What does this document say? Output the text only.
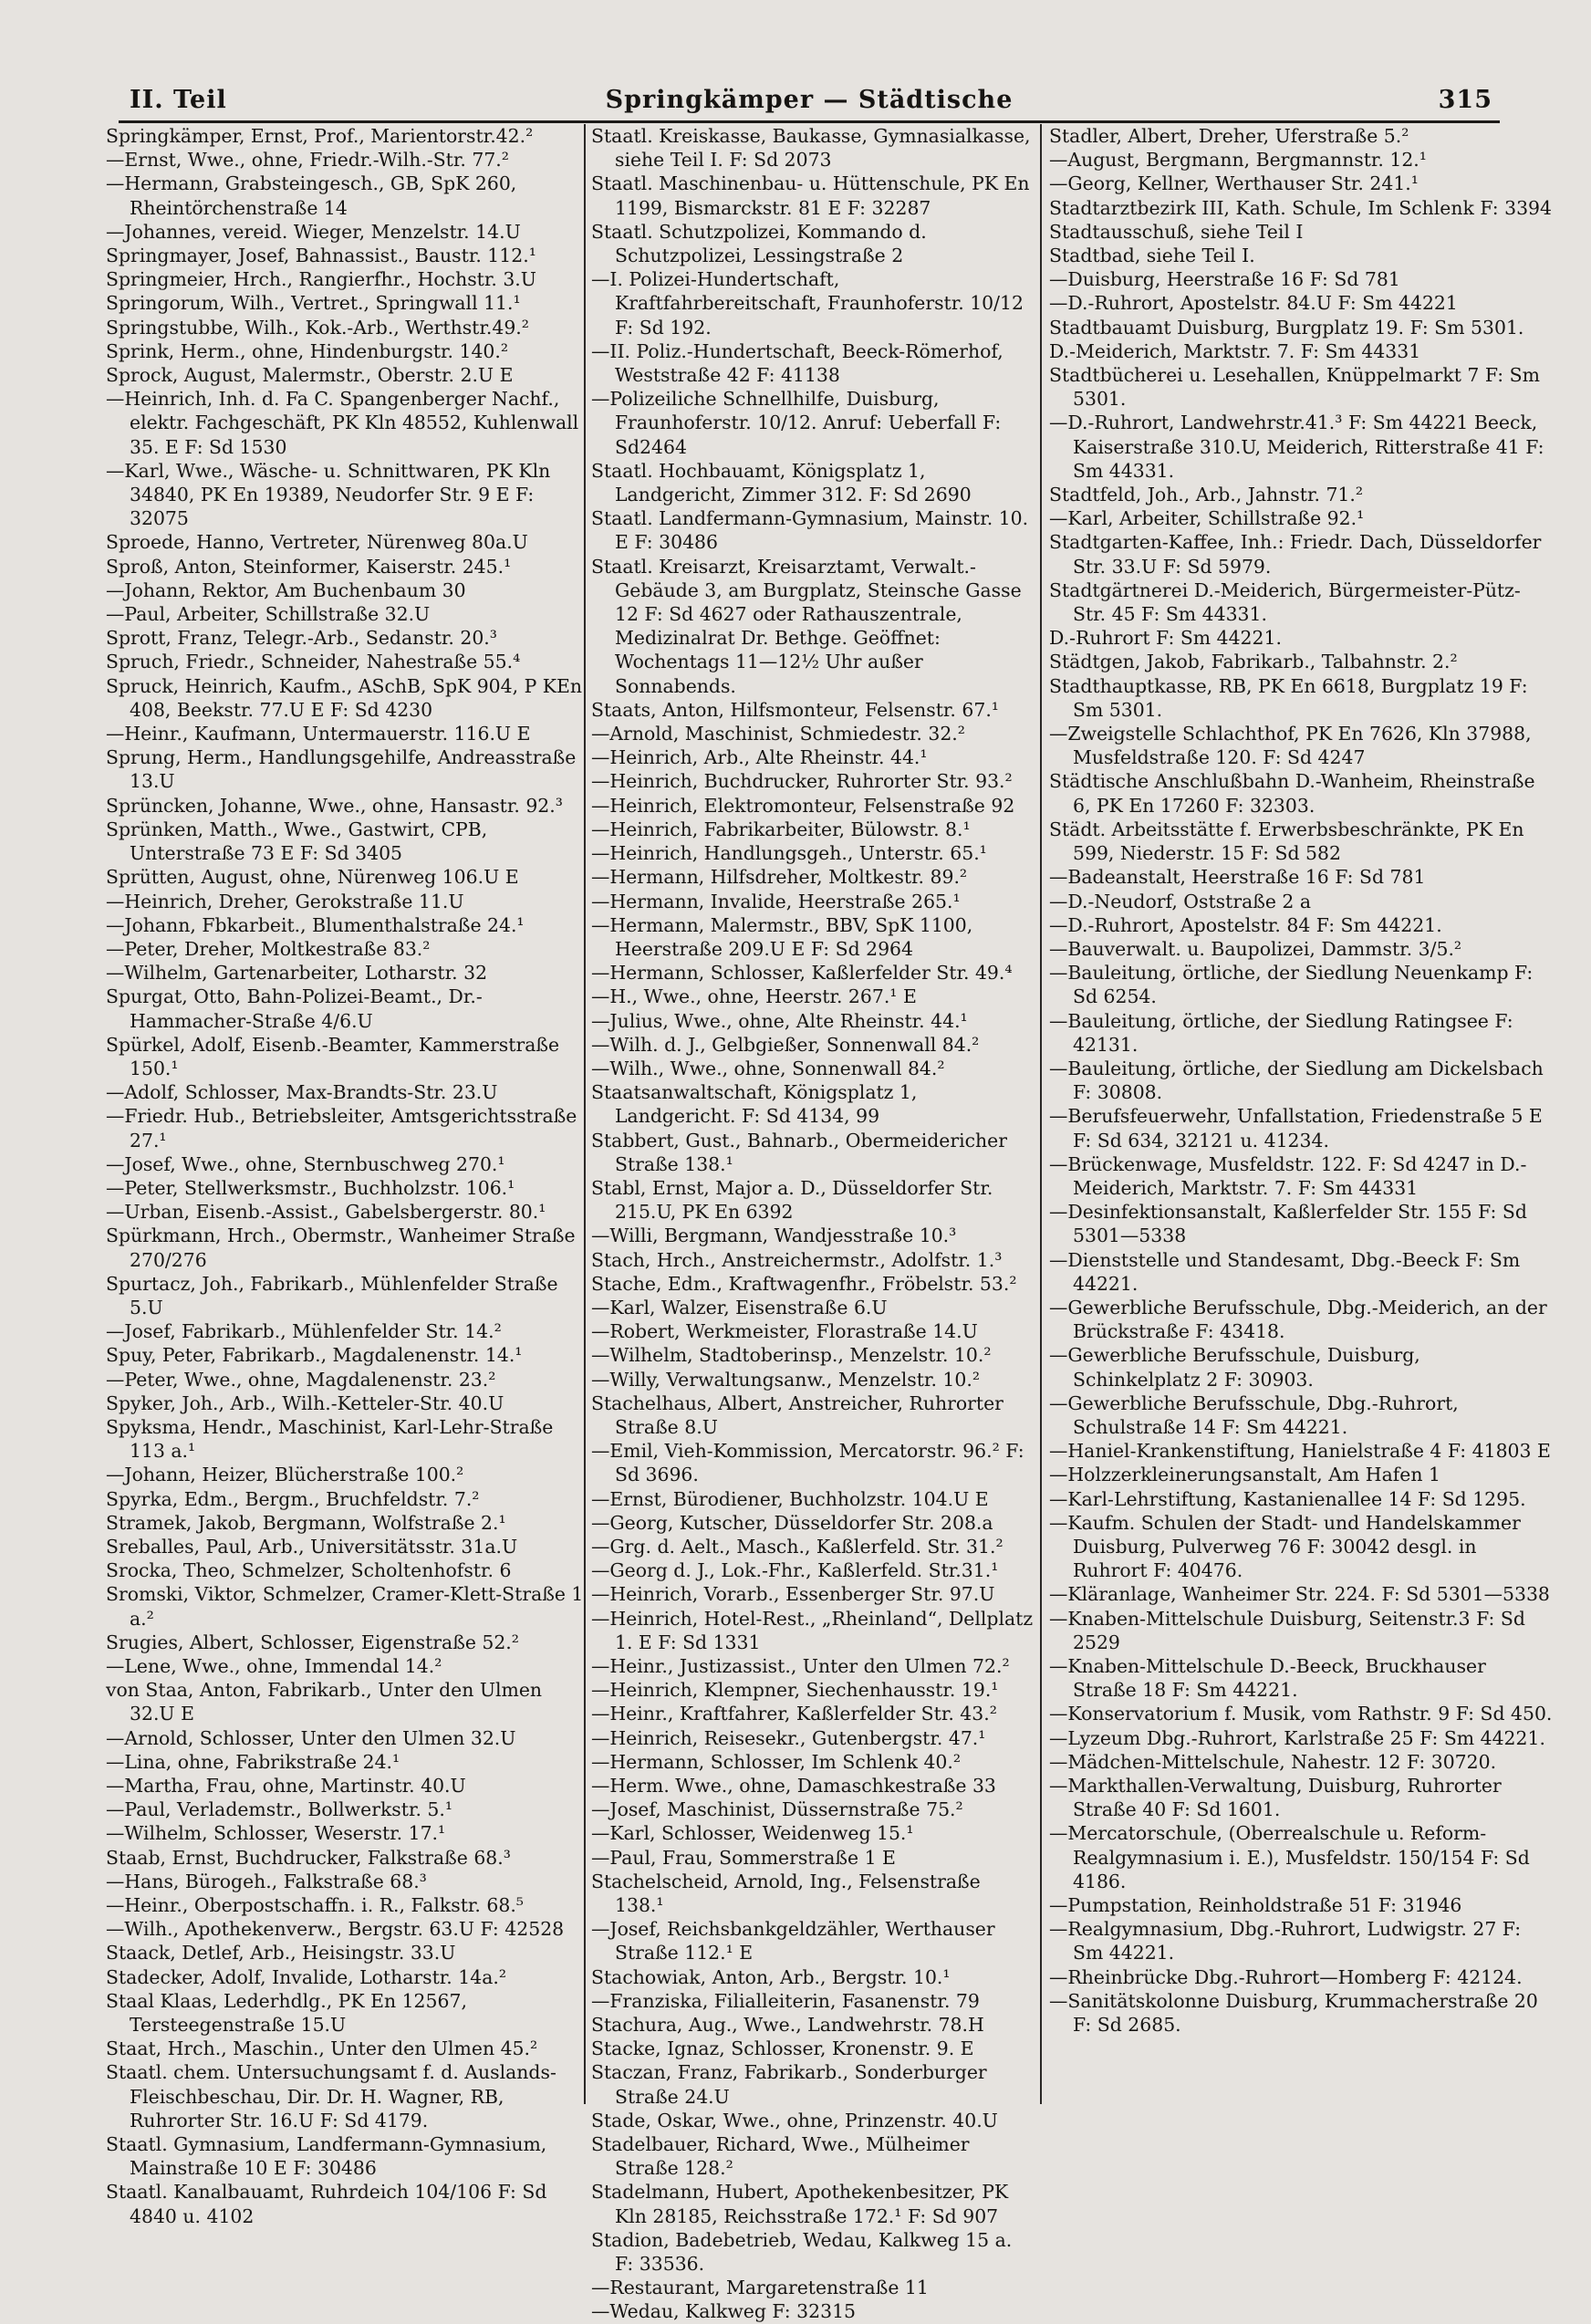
II. Teil	Springkämper — Städtische	315
Springkämper, Ernst, Prof., Marientorstr.42.²
—Ernst, Wwe., ohne, Friedr.-Wilh.-Str. 77.²
—Hermann, Grabsteingesch., GB, SpK 260, Rheintörchenstraße 14
—Johannes, vereid. Wieger, Menzelstr. 14.U
Springmayer, Josef, Bahnassist., Baustr. 112.¹
Springmeier, Hrch., Rangierfhr., Hochstr. 3.U
Springorum, Wilh., Vertret., Springwall 11.¹
Springstubbe, Wilh., Kok.-Arb., Werthstr.49.²
Sprink, Herm., ohne, Hindenburgstr. 140.²
Sprock, August, Malermstr., Oberstr. 2.U E
—Heinrich, Inh. d. Fa C. Spangenberger Nachf., elektr. Fachgeschäft, PK Kln 48552, Kuhlenwall 35. E F: Sd 1530
—Karl, Wwe., Wäsche- u. Schnittwaren, PK Kln 34840, PK En 19389, Neudorfer Str. 9 E F: 32075
Sproede, Hanno, Vertreter, Nürenweg 80a.U
Sproß, Anton, Steinformer, Kaiserstr. 245.¹
—Johann, Rektor, Am Buchenbaum 30
—Paul, Arbeiter, Schillstraße 32.U
Sprott, Franz, Telegr.-Arb., Sedanstr. 20.³
Spruch, Friedr., Schneider, Nahestraße 55.⁴
Spruck, Heinrich, Kaufm., ASchB, SpK 904, P KEn 408, Beekstr. 77.U E F: Sd 4230
—Heinr., Kaufmann, Untermauerstr. 116.U E
Sprung, Herm., Handlungsgehilfe, Andreasstraße 13.U
Sprüncken, Johanne, Wwe., ohne, Hansastr. 92.³
Sprünken, Matth., Wwe., Gastwirt, CPB, Unterstraße 73 E F: Sd 3405
Sprütten, August, ohne, Nürenweg 106.U E
—Heinrich, Dreher, Gerokstraße 11.U
—Johann, Fbkarbeit., Blumenthalstraße 24.¹
—Peter, Dreher, Moltkestraße 83.²
—Wilhelm, Gartenarbeiter, Lotharstr. 32
Spurgat, Otto, Bahn-Polizei-Beamt., Dr.-Hammacher-Straße 4/6.U
Spürkel, Adolf, Eisenb.-Beamter, Kammerstraße 150.¹
—Adolf, Schlosser, Max-Brandts-Str. 23.U
—Friedr. Hub., Betriebsleiter, Amtsgerichtsstraße 27.¹
—Josef, Wwe., ohne, Sternbuschweg 270.¹
—Peter, Stellwerksmstr., Buchholzstr. 106.¹
—Urban, Eisenb.-Assist., Gabelsbergerstr. 80.¹
Spürkmann, Hrch., Obermstr., Wanheimer Straße 270/276
Spurtacz, Joh., Fabrikarb., Mühlenfelder Straße 5.U
—Josef, Fabrikarb., Mühlenfelder Str. 14.²
Spuy, Peter, Fabrikarb., Magdalenenstr. 14.¹
—Peter, Wwe., ohne, Magdalenenstr. 23.²
Spyker, Joh., Arb., Wilh.-Ketteler-Str. 40.U
Spyksma, Hendr., Maschinist, Karl-Lehr-Straße 113 a.¹
—Johann, Heizer, Blücherstraße 100.²
Spyrka, Edm., Bergm., Bruchfeldstr. 7.²
Stramek, Jakob, Bergmann, Wolfstraße 2.¹
Sreballes, Paul, Arb., Universitätsstr. 31a.U
Srocka, Theo, Schmelzer, Scholtenhofstr. 6
Sromski, Viktor, Schmelzer, Cramer-Klett-Straße 1 a.²
Srugies, Albert, Schlosser, Eigenstraße 52.²
—Lene, Wwe., ohne, Immendal 14.²
von Staa, Anton, Fabrikarb., Unter den Ulmen 32.U E
—Arnold, Schlosser, Unter den Ulmen 32.U
—Lina, ohne, Fabrikstraße 24.¹
—Martha, Frau, ohne, Martinstr. 40.U
—Paul, Verlademstr., Bollwerkstr. 5.¹
—Wilhelm, Schlosser, Weserstr. 17.¹
Staab, Ernst, Buchdrucker, Falkstraße 68.³
—Hans, Bürogeh., Falkstraße 68.³
—Heinr., Oberpostschaffn. i. R., Falkstr. 68.⁵
—Wilh., Apothekenverw., Bergstr. 63.U F: 42528
Staack, Detlef, Arb., Heisingstr. 33.U
Stadecker, Adolf, Invalide, Lotharstr. 14a.²
Staal Klaas, Lederhdlg., PK En 12567, Tersteegenstraße 15.U
Staat, Hrch., Maschin., Unter den Ulmen 45.²
Staatl. chem. Untersuchungsamt f. d. Auslands-Fleischbeschau, Dir. Dr. H. Wagner, RB, Ruhrorter Str. 16.U F: Sd 4179.
Staatl. Gymnasium, Landfermann-Gymnasium, Mainstraße 10 E F: 30486
Staatl. Kanalbauamt, Ruhrdeich 104/106 F: Sd 4840 u. 4102
Staatl. Kreiskasse, Baukasse, Gymnasialkasse, siehe Teil I. F: Sd 2073
Staatl. Maschinenbau- u. Hüttenschule, PK En 1199, Bismarckstr. 81 E F: 32287
Staatl. Schutzpolizei, Kommando d. Schutzpolizei, Lessingstraße 2
—I. Polizei-Hundertschaft, Kraftfahrbereitschaft, Fraunhoferstr. 10/12 F: Sd 192.
—II. Poliz.-Hundertschaft, Beeck-Römerhof, Weststraße 42 F: 41138
—Polizeiliche Schnellhilfe, Duisburg, Fraunhoferstr. 10/12. Anruf: Ueberfall F: Sd2464
Staatl. Hochbauamt, Königsplatz 1, Landgericht, Zimmer 312. F: Sd 2690
Staatl. Landfermann-Gymnasium, Mainstr. 10. E F: 30486
Staatl. Kreisarzt, Kreisarztamt, Verwalt.-Gebäude 3, am Burgplatz, Steinsche Gasse 12 F: Sd 4627 oder Rathauszentrale, Medizinalrat Dr. Bethge. Geöffnet: Wochentags 11—12½ Uhr außer Sonnabends.
Staats, Anton, Hilfsmonteur, Felsenstr. 67.¹
—Arnold, Maschinist, Schmiedestr. 32.²
—Heinrich, Arb., Alte Rheinstr. 44.¹
—Heinrich, Buchdrucker, Ruhrorter Str. 93.²
—Heinrich, Elektromonteur, Felsenstraße 92
—Heinrich, Fabrikarbeiter, Bülowstr. 8.¹
—Heinrich, Handlungsgeh., Unterstr. 65.¹
—Hermann, Hilfsdreher, Moltkestr. 89.²
—Hermann, Invalide, Heerstraße 265.¹
—Hermann, Malermstr., BBV, SpK 1100, Heerstraße 209.U E F: Sd 2964
—Hermann, Schlosser, Kaßlerfelder Str. 49.⁴
—H., Wwe., ohne, Heerstr. 267.¹ E
—Julius, Wwe., ohne, Alte Rheinstr. 44.¹
—Wilh. d. J., Gelbgießer, Sonnenwall 84.²
—Wilh., Wwe., ohne, Sonnenwall 84.²
Staatsanwaltschaft, Königsplatz 1, Landgericht. F: Sd 4134, 99
Stabbert, Gust., Bahnarb., Obermeidericher Straße 138.¹
Stabl, Ernst, Major a. D., Düsseldorfer Str. 215.U, PK En 6392
—Willi, Bergmann, Wandjesstraße 10.³
Stach, Hrch., Anstreichermstr., Adolfstr. 1.³
Stache, Edm., Kraftwagenfhr., Fröbelstr. 53.²
—Karl, Walzer, Eisenstraße 6.U
—Robert, Werkmeister, Florastraße 14.U
—Wilhelm, Stadtoberinsp., Menzelstr. 10.²
—Willy, Verwaltungsanw., Menzelstr. 10.²
Stachelhaus, Albert, Anstreicher, Ruhrorter Straße 8.U
—Emil, Vieh-Kommission, Mercatorstr. 96.² F: Sd 3696.
—Ernst, Bürodiener, Buchholzstr. 104.U E
—Georg, Kutscher, Düsseldorfer Str. 208.a
—Grg. d. Aelt., Masch., Kaßlerfeld. Str. 31.²
—Georg d. J., Lok.-Fhr., Kaßlerfeld. Str.31.¹
—Heinrich, Vorarb., Essenberger Str. 97.U
—Heinrich, Hotel-Rest., „Rheinland“, Dellplatz 1. E F: Sd 1331
—Heinr., Justizassist., Unter den Ulmen 72.²
—Heinrich, Klempner, Siechenhausstr. 19.¹
—Heinr., Kraftfahrer, Kaßlerfelder Str. 43.²
—Heinrich, Reisesekr., Gutenbergstr. 47.¹
—Hermann, Schlosser, Im Schlenk 40.²
—Herm. Wwe., ohne, Damaschkestraße 33
—Josef, Maschinist, Düssernstraße 75.²
—Karl, Schlosser, Weidenweg 15.¹
—Paul, Frau, Sommerstraße 1 E
Stachelscheid, Arnold, Ing., Felsenstraße 138.¹
—Josef, Reichsbankgeldzähler, Werthauser Straße 112.¹ E
Stachowiak, Anton, Arb., Bergstr. 10.¹
—Franziska, Filialleiterin, Fasanenstr. 79
Stachura, Aug., Wwe., Landwehrstr. 78.H
Stacke, Ignaz, Schlosser, Kronenstr. 9. E
Staczan, Franz, Fabrikarb., Sonderburger Straße 24.U
Stade, Oskar, Wwe., ohne, Prinzenstr. 40.U
Stadelbauer, Richard, Wwe., Mülheimer Straße 128.²
Stadelmann, Hubert, Apothekenbesitzer, PK Kln 28185, Reichsstraße 172.¹ F: Sd 907
Stadion, Badebetrieb, Wedau, Kalkweg 15 a. F: 33536.
—Restaurant, Margaretenstraße 11
—Wedau, Kalkweg F: 32315
Stadler, Albert, Dreher, Uferstraße 5.²
—August, Bergmann, Bergmannstr. 12.¹
—Georg, Kellner, Werthauser Str. 241.¹
Stadtarztbezirk III, Kath. Schule, Im Schlenk F: 3394
Stadtausschuß, siehe Teil I
Stadtbad, siehe Teil I.
—Duisburg, Heerstraße 16 F: Sd 781
—D.-Ruhrort, Apostelstr. 84.U F: Sm 44221
Stadtbauamt Duisburg, Burgplatz 19. F: Sm 5301.
D.-Meiderich, Marktstr. 7. F: Sm 44331
Stadtbücherei u. Lesehallen, Knüppelmarkt 7 F: Sm 5301.
—D.-Ruhrort, Landwehrstr.41.³ F: Sm 44221 Beeck, Kaiserstraße 310.U, Meiderich, Ritterstraße 41 F: Sm 44331.
Stadtfeld, Joh., Arb., Jahnstr. 71.²
—Karl, Arbeiter, Schillstraße 92.¹
Stadtgarten-Kaffee, Inh.: Friedr. Dach, Düsseldorfer Str. 33.U F: Sd 5979.
Stadtgärtnerei D.-Meiderich, Bürgermeister-Pütz-Str. 45 F: Sm 44331.
D.-Ruhrort F: Sm 44221.
Städtgen, Jakob, Fabrikarb., Talbahnstr. 2.²
Stadthauptkasse, RB, PK En 6618, Burgplatz 19 F: Sm 5301.
—Zweigstelle Schlachthof, PK En 7626, Kln 37988, Musfeldstraße 120. F: Sd 4247
Städtische Anschlußbahn D.-Wanheim, Rheinstraße 6, PK En 17260 F: 32303.
Städt. Arbeitsstätte f. Erwerbsbeschränkte, PK En 599, Niederstr. 15 F: Sd 582
—Badeanstalt, Heerstraße 16 F: Sd 781
—D.-Neudorf, Oststraße 2 a
—D.-Ruhrort, Apostelstr. 84 F: Sm 44221.
—Bauverwalt. u. Baupolizei, Dammstr. 3/5.²
—Bauleitung, örtliche, der Siedlung Neuenkamp F: Sd 6254.
—Bauleitung, örtliche, der Siedlung Ratingsee F: 42131.
—Bauleitung, örtliche, der Siedlung am Dickelsbach F: 30808.
—Berufsfeuerwehr, Unfallstation, Friedenstraße 5 E F: Sd 634, 32121 u. 41234.
—Brückenwage, Musfeldstr. 122. F: Sd 4247 in D.-Meiderich, Marktstr. 7. F: Sm 44331
—Desinfektionsanstalt, Kaßlerfelder Str. 155 F: Sd 5301—5338
—Dienststelle und Standesamt, Dbg.-Beeck F: Sm 44221.
—Gewerbliche Berufsschule, Dbg.-Meiderich, an der Brückstraße F: 43418.
—Gewerbliche Berufsschule, Duisburg, Schinkelplatz 2 F: 30903.
—Gewerbliche Berufsschule, Dbg.-Ruhrort, Schulstraße 14 F: Sm 44221.
—Haniel-Krankenstiftung, Hanielstraße 4 F: 41803 E
—Holzzerkleinerungsanstalt, Am Hafen 1
—Karl-Lehrstiftung, Kastanienallee 14 F: Sd 1295.
—Kaufm. Schulen der Stadt- und Handelskammer Duisburg, Pulverweg 76 F: 30042 desgl. in Ruhrort F: 40476.
—Kläranlage, Wanheimer Str. 224. F: Sd 5301—5338
—Knaben-Mittelschule Duisburg, Seitenstr.3 F: Sd 2529
—Knaben-Mittelschule D.-Beeck, Bruckhauser Straße 18 F: Sm 44221.
—Konservatorium f. Musik, vom Rathstr. 9 F: Sd 450.
—Lyzeum Dbg.-Ruhrort, Karlstraße 25 F: Sm 44221.
—Mädchen-Mittelschule, Nahestr. 12 F: 30720.
—Markthallen-Verwaltung, Duisburg, Ruhrorter Straße 40 F: Sd 1601.
—Mercatorschule, (Oberrealschule u. Reform-Realgymnasium i. E.), Musfeldstr. 150/154 F: Sd 4186.
—Pumpstation, Reinholdstraße 51 F: 31946
—Realgymnasium, Dbg.-Ruhrort, Ludwigstr. 27 F: Sm 44221.
—Rheinbrücke Dbg.-Ruhrort—Homberg F: 42124.
—Sanitätskolonne Duisburg, Krummacherstraße 20 F: Sd 2685.
